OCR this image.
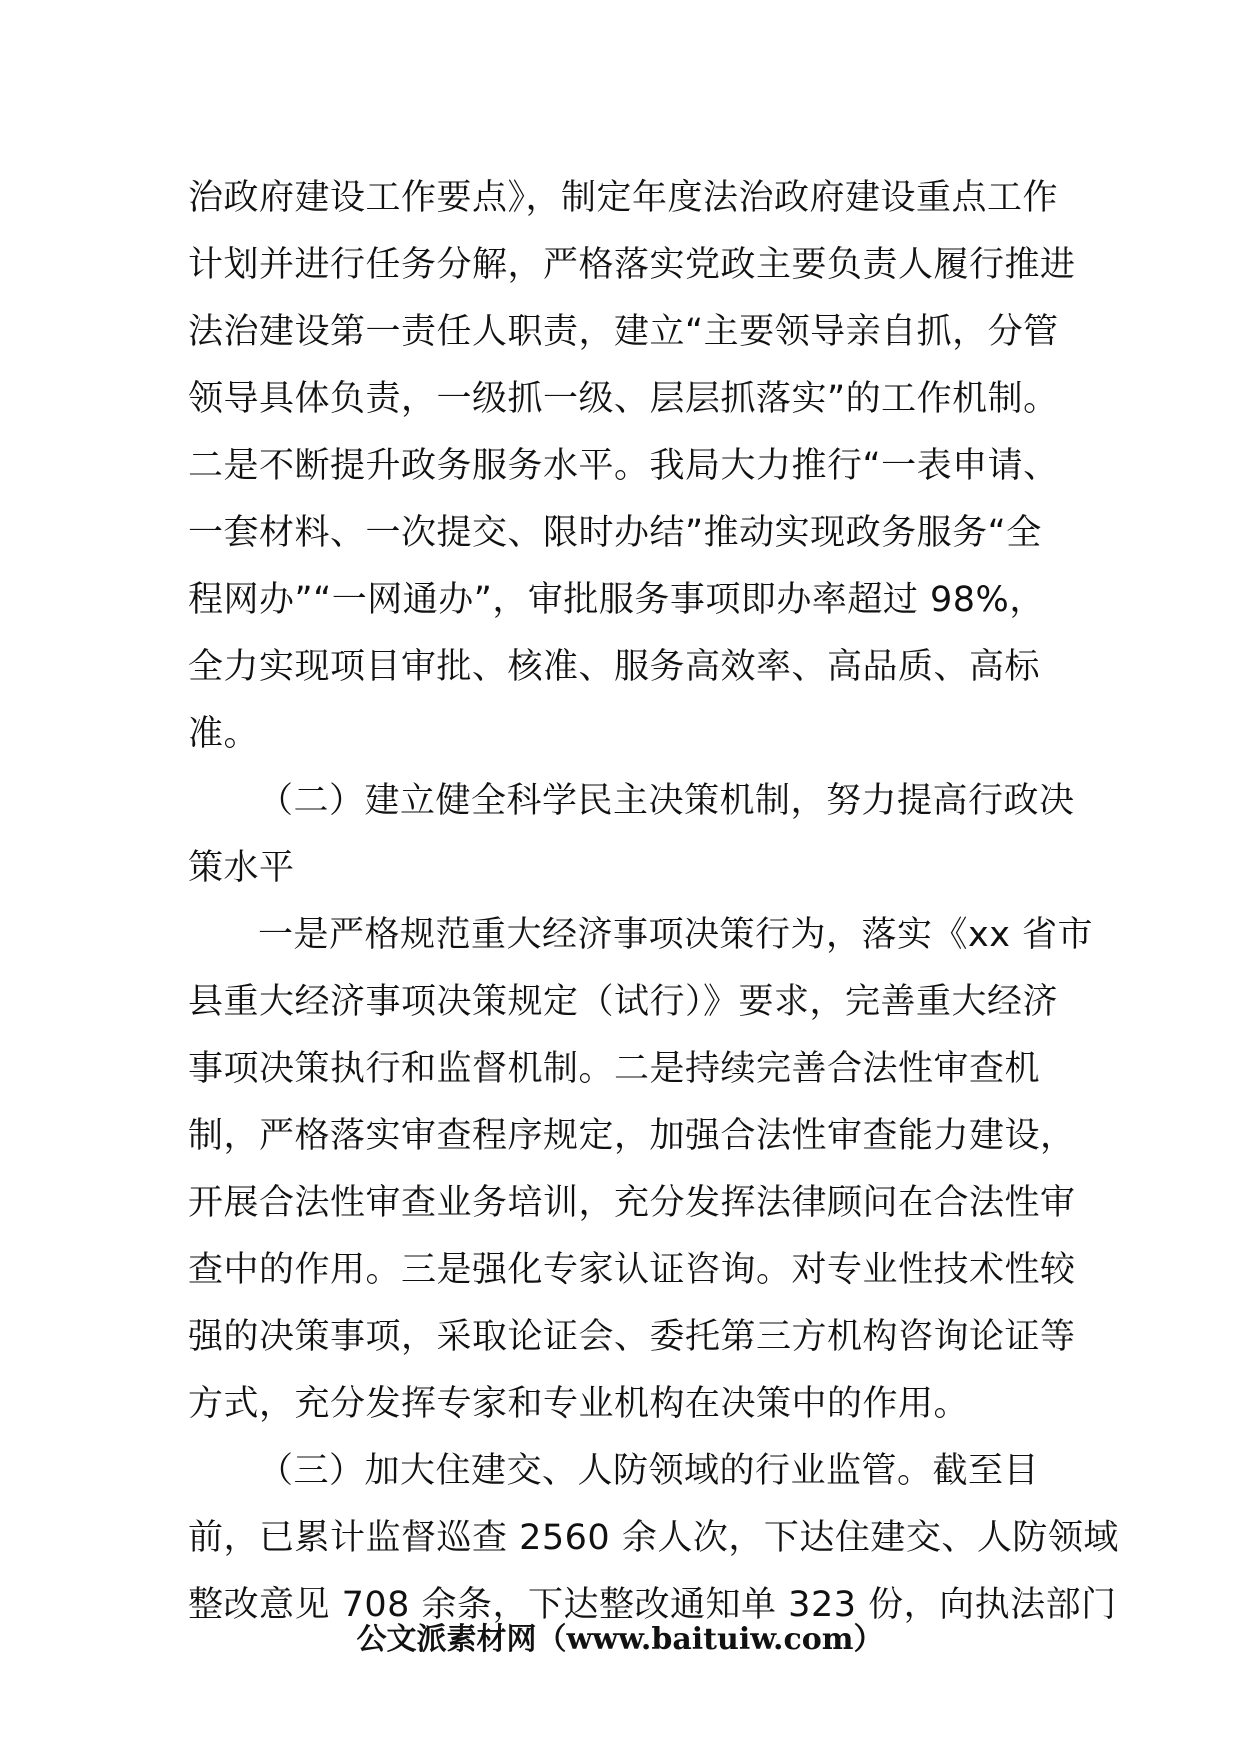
治政府建设工作要点》，制定年度法治政府建设重点工作
计划并进行任务分解，严格落实党政主要负责人履行推进
法治建设第一责任人职责，建立“主要领导亲自抓，分管
领导具体负责，一级抓一级、层层抓落实”的工作机制。
二是不断提升政务服务水平。我局大力推行“一表申请、
一套材料、一次提交、限时办结”推动实现政务服务“全
程网办”“一网通办”，审批服务事项即办率超过 98%，
全力实现项目审批、核准、服务高效率、高品质、高标
准。
（二）建立健全科学民主决策机制，努力提高行政决
策水平
一是严格规范重大经济事项决策行为，落实《xx 省市
县重大经济事项决策规定（试行）》要求，完善重大经济
事项决策执行和监督机制。二是持续完善合法性审查机
制，严格落实审查程序规定，加强合法性审查能力建设，
开展合法性审查业务培训，充分发挥法律顾问在合法性审
查中的作用。三是强化专家认证咨询。对专业性技术性较
强的决策事项，采取论证会、委托第三方机构咨询论证等
方式，充分发挥专家和专业机构在决策中的作用。
（三）加大住建交、人防领域的行业监管。截至目
前，已累计监督巡查 2560 余人次，下达住建交、人防领域
整改意见 708 余条，下达整改通知单 323 份，向执法部门
公文派素材网（www.baituiw.com）
